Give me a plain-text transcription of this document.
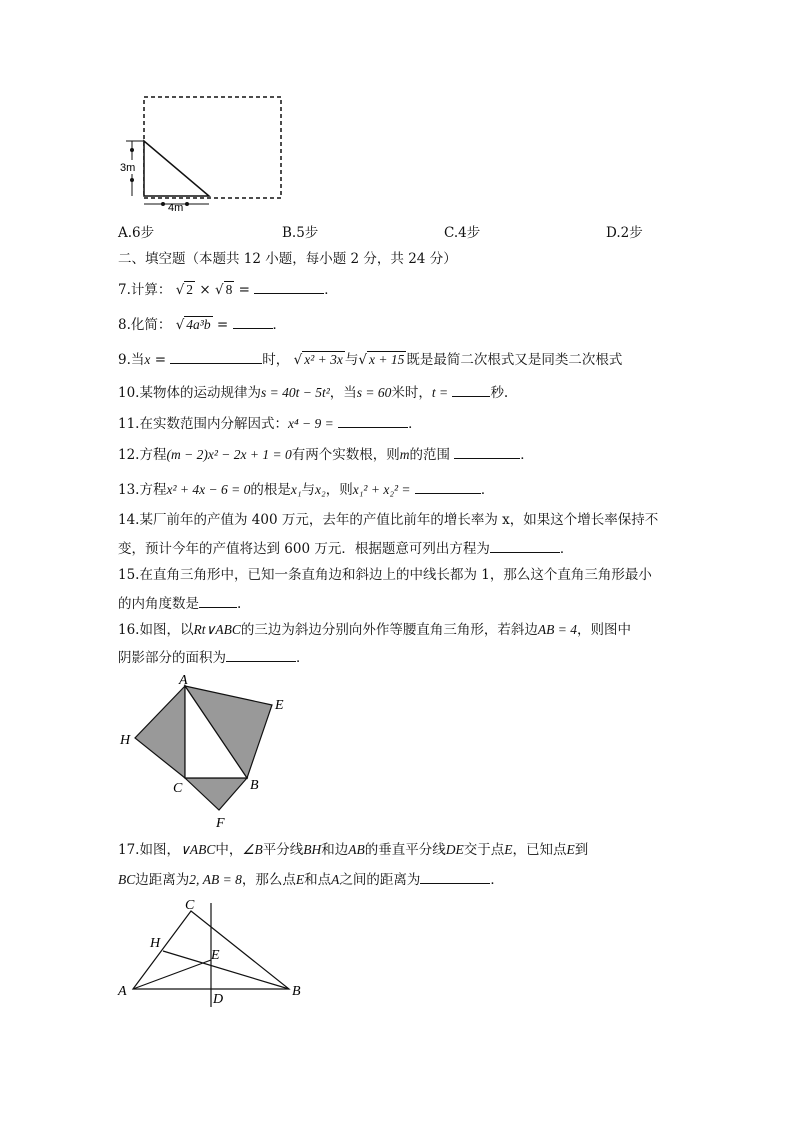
3m
4m
A.6步	B.5步	C.4步	D.2步
二、填空题（本题共 12 小题，每小题 2 分，共 24 分）
7.计算： √ 2 × √ 8 =	．
8.化简： √ 4a³b =	．
9.当x =	时， √ x² + 3x 与√ x + 15 既是最简二次根式又是同类二次根式
10.某物体的运动规律为s = 40t − 5t²，当s = 60米时，t =	秒.
11.在实数范围内分解因式：x⁴ − 9 =	．
12.方程(m − 2)x² − 2x + 1 = 0有两个实数根，则m的范围	．
13.方程x² + 4x − 6 = 0的根是x₁与x₂，则x₁² + x₂² =	．
14.某厂前年的产值为 400 万元，去年的产值比前年的增长率为 x，如果这个增长率保持不
变，预计今年的产值将达到 600 万元．根据题意可列出方程为	．
15.在直角三角形中，已知一条直角边和斜边上的中线长都为 1，那么这个直角三角形最小
的内角度数是	.
16.如图，以Rt∨ABC的三边为斜边分别向外作等腰直角三角形，若斜边AB = 4，则图中
阴影部分的面积为	．
A
B
C
E
F
H
17.如图，∨ABC中，∠B平分线BH和边AB的垂直平分线DE交于点E，已知点E到
BC边距离为2, AB = 8，那么点E和点A之间的距离为	．
A	B
C
D
E
H
